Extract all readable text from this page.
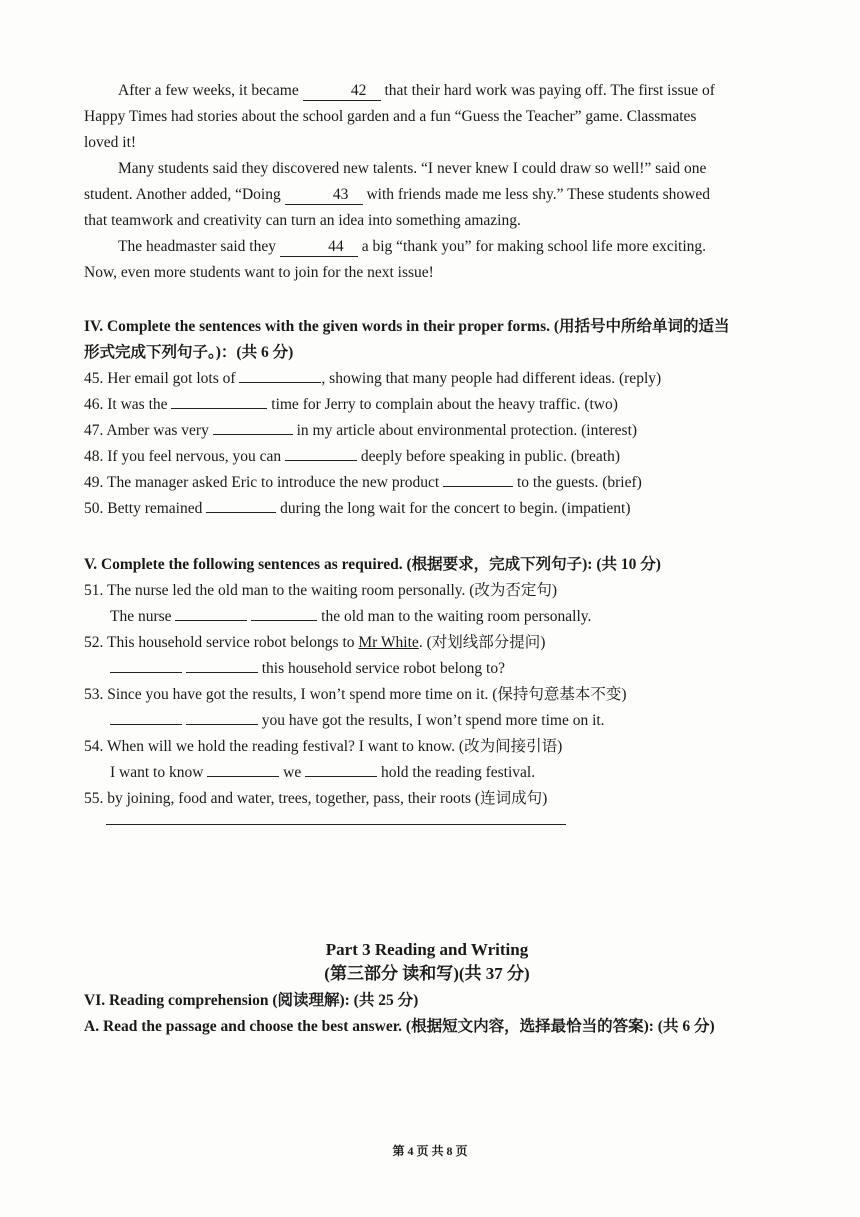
After a few weeks, it became	42 that their hard work was paying off. The first issue of Happy Times had stories about the school garden and a fun “Guess the Teacher” game. Classmates loved it!

Many students said they discovered new talents. “I never knew I could draw so well!” said one student. Another added, “Doing	43 with friends made me less shy.” These students showed that teamwork and creativity can turn an idea into something amazing.

The headmaster said they	44 a big “thank you” for making school life more exciting. Now, even more students want to join for the next issue!

IV. Complete the sentences with the given words in their proper forms. (用括号中所给单词的适当形式完成下列句子。)：(共 6 分)

45. Her email got lots of	, showing that many people had different ideas. (reply)

46. It was the	time for Jerry to complain about the heavy traffic. (two)

47. Amber was very	in my article about environmental protection. (interest)

48. If you feel nervous, you can	deeply before speaking in public. (breath)

49. The manager asked Eric to introduce the new product	to the guests. (brief)

50. Betty remained	during the long wait for the concert to begin. (impatient)

V. Complete the following sentences as required. (根据要求，完成下列句子): (共 10 分)

51. The nurse led the old man to the waiting room personally. (改为否定句)

The nurse	the old man to the waiting room personally.

52. This household service robot belongs to Mr White. (对划线部分提问)

this household service robot belong to?

53. Since you have got the results, I won’t spend more time on it. (保持句意基本不变)

you have got the results, I won’t spend more time on it.

54. When will we hold the reading festival? I want to know. (改为间接引语)

I want to know	we	hold the reading festival.

55. by joining, food and water, trees, together, pass, their roots (连词成句)

Part 3 Reading and Writing

(第三部分 读和写)(共 37 分)

VI. Reading comprehension (阅读理解): (共 25 分)

A. Read the passage and choose the best answer. (根据短文内容，选择最恰当的答案): (共 6 分)

第 4 页 共 8 页
